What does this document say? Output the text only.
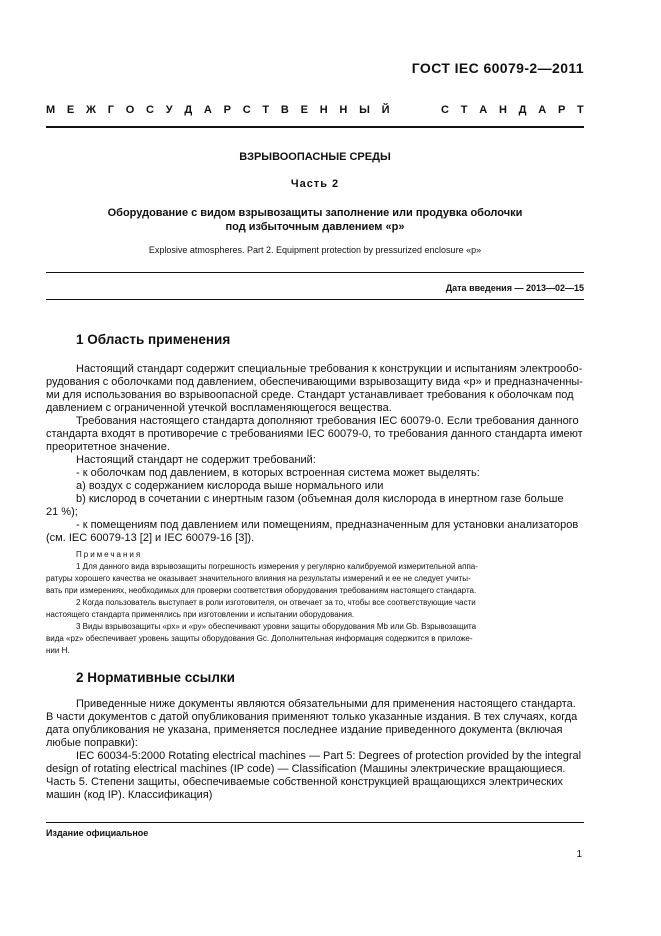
ГОСТ IEC 60079-2—2011
М Е Ж Г О С У Д А Р С Т В Е Н Н Ы Й	С Т А Н Д А Р Т
ВЗРЫВООПАСНЫЕ СРЕДЫ
Часть 2
Оборудование с видом взрывозащиты заполнение или продувка оболочки
под избыточным давлением «р»
Explosive atmospheres. Part 2. Equipment protection by pressurized enclosure «p»
Дата введения — 2013—02—15
1 Область применения
Настоящий стандарт содержит специальные требования к конструкции и испытаниям электрообо-
рудования с оболочками под давлением, обеспечивающими взрывозащиту вида «р» и предназначенны-
ми для использования во взрывоопасной среде. Стандарт устанавливает требования к оболочкам под
давлением с ограниченной утечкой воспламеняющегося вещества.
Требования настоящего стандарта дополняют требования IEC 60079-0. Если требования данного
стандарта входят в противоречие с требованиями IEC 60079-0, то требования данного стандарта имеют
преоритетное значение.
Настоящий стандарт не содержит требований:
- к оболочкам под давлением, в которых встроенная система может выделять:
a) воздух с содержанием кислорода выше нормального или
b) кислород в сочетании с инертным газом (объемная доля кислорода в инертном газе больше
21 %);
- к помещениям под давлением или помещениям, предназначенным для установки анализаторов
(см. IEC 60079-13 [2] и IEC 60079-16 [3]).
Примечания
1 Для данного вида взрывозащиты погрешность измерения у регулярно калибруемой измерительной аппа-
ратуры хорошего качества не оказывает значительного влияния на результаты измерений и ее не следует учиты-
вать при измерениях, необходимых для проверки соответствия оборудования требованиям настоящего стандарта.
2 Когда пользователь выступает в роли изготовителя, он отвечает за то, чтобы все соответствующие части
настоящего стандарта применялись при изготовлении и испытании оборудования.
3 Виды взрывозащиты «px» и «py» обеспечивают уровни защиты оборудования Mb или Gb. Взрывозащита
вида «pz» обеспечивает уровень защиты оборудования Gc. Дополнительная информация содержится в приложе-
нии Н.
2 Нормативные ссылки
Приведенные ниже документы являются обязательными для применения настоящего стандарта.
В части документов с датой опубликования применяют только указанные издания. В тех случаях, когда
дата опубликования не указана, применяется последнее издание приведенного документа (включая
любые поправки):
IEC 60034-5:2000 Rotating electrical machines — Part 5: Degrees of protection provided by the integral
design of rotating electrical machines (IP code) — Classification (Машины электрические вращающиеся.
Часть 5. Степени защиты, обеспечиваемые собственной конструкцией вращающихся электрических
машин (код IP). Классификация)
Издание официальное
1
